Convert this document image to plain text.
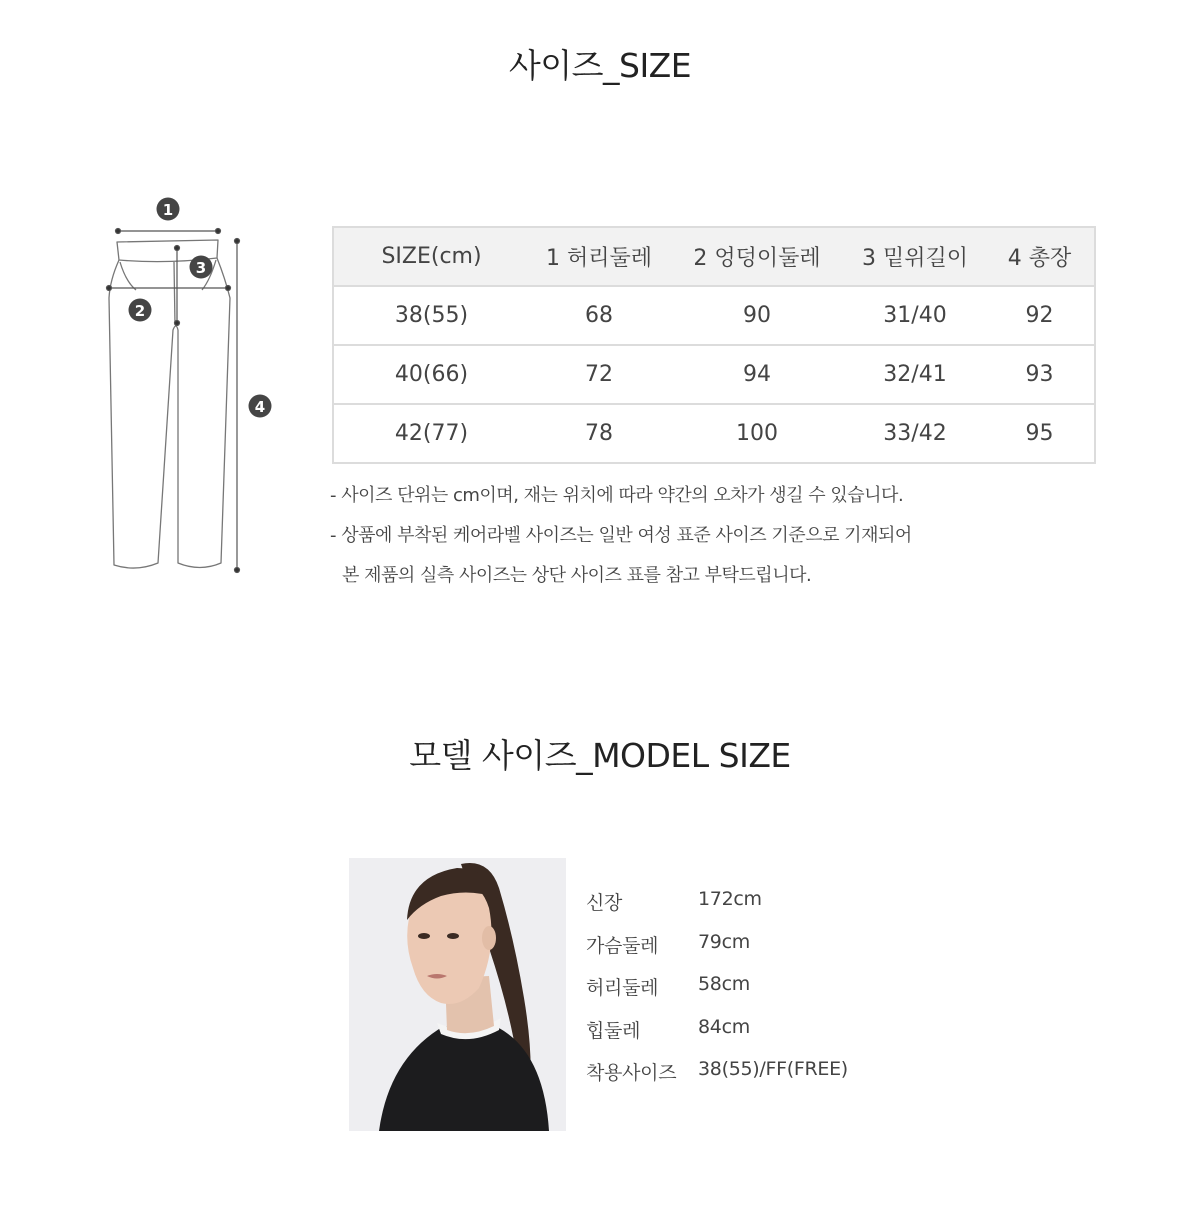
사이즈_SIZE
1
2
3
4
SIZE(cm)	1 허리둘레	2 엉덩이둘레	3 밑위길이	4 총장
38(55)	68	90	31/40	92
40(66)	72	94	32/41	93
42(77)	78	100	33/42	95

- 사이즈 단위는 cm이며, 재는 위치에 따라 약간의 오차가 생길 수 있습니다.

- 상품에 부착된 케어라벨 사이즈는 일반 여성 표준 사이즈 기준으로 기재되어

본 제품의 실측 사이즈는 상단 사이즈 표를 참고 부탁드립니다.

모델 사이즈_MODEL SIZE
신장	172cm
가슴둘레	79cm
허리둘레	58cm
힙둘레	84cm
착용사이즈	38(55)/FF(FREE)
